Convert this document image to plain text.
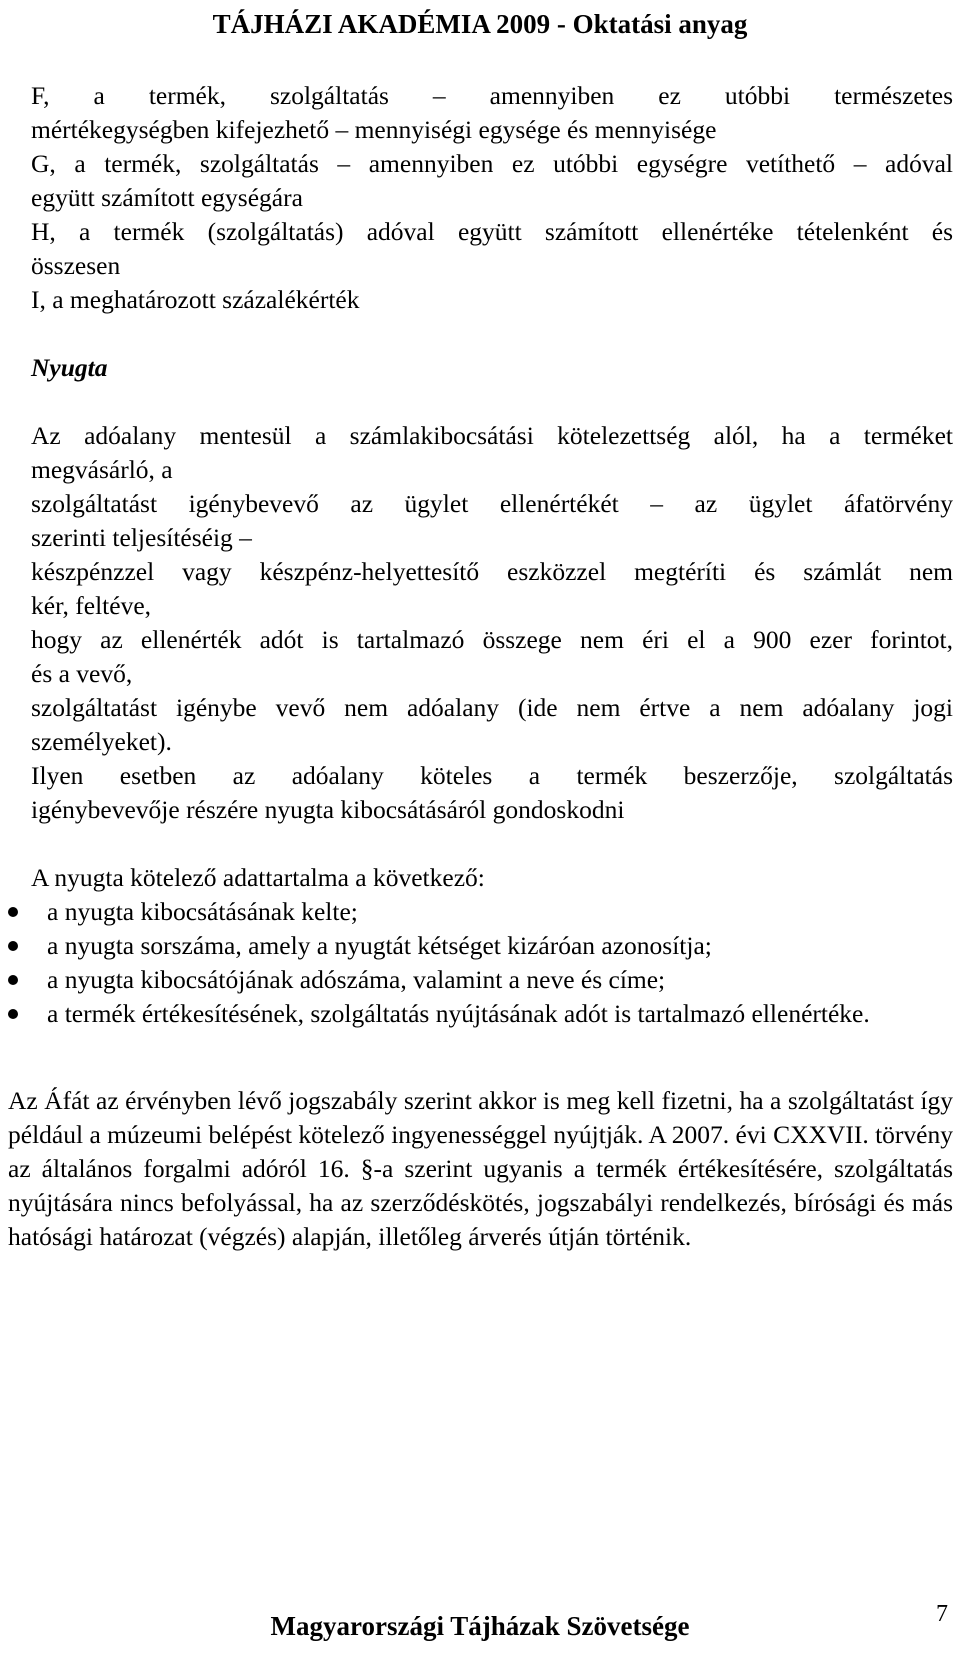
TÁJHÁZI AKADÉMIA 2009 - Oktatási anyag

F, a termék, szolgáltatás – amennyiben ez utóbbi természetes

mértékegységben kifejezhető – mennyiségi egysége és mennyisége

G, a termék, szolgáltatás – amennyiben ez utóbbi egységre vetíthető – adóval

együtt számított egységára

H, a termék (szolgáltatás) adóval együtt számított ellenértéke tételenként és

összesen

I, a meghatározott százalékérték

Nyugta

Az adóalany mentesül a számlakibocsátási kötelezettség alól, ha a terméket

megvásárló, a

szolgáltatást igénybevevő az ügylet ellenértékét – az ügylet áfatörvény

szerinti teljesítéséig –

készpénzzel vagy készpénz-helyettesítő eszközzel megtéríti és számlát nem

kér, feltéve,

hogy az ellenérték adót is tartalmazó összege nem éri el a 900 ezer forintot,

és a vevő,

szolgáltatást igénybe vevő nem adóalany (ide nem értve a nem adóalany jogi

személyeket).

Ilyen esetben az adóalany köteles a termék beszerzője, szolgáltatás

igénybevevője részére nyugta kibocsátásáról gondoskodni

A nyugta kötelező adattartalma a következő:

a nyugta kibocsátásának kelte;
a nyugta sorszáma, amely a nyugtát kétséget kizáróan azonosítja;
a nyugta kibocsátójának adószáma, valamint a neve és címe;
a termék értékesítésének, szolgáltatás nyújtásának adót is tartalmazó ellenértéke.

Az Áfát az érvényben lévő jogszabály szerint akkor is meg kell fizetni, ha a szolgáltatást így például a múzeumi belépést kötelező ingyenességgel nyújtják. A 2007. évi CXXVII. törvény az általános forgalmi adóról 16. §-a szerint ugyanis a termék értékesítésére, szolgáltatás nyújtására nincs befolyással, ha az szerződéskötés, jogszabályi rendelkezés, bírósági és más hatósági határozat (végzés) alapján, illetőleg árverés útján történik.

Magyarországi Tájházak Szövetsége	7
